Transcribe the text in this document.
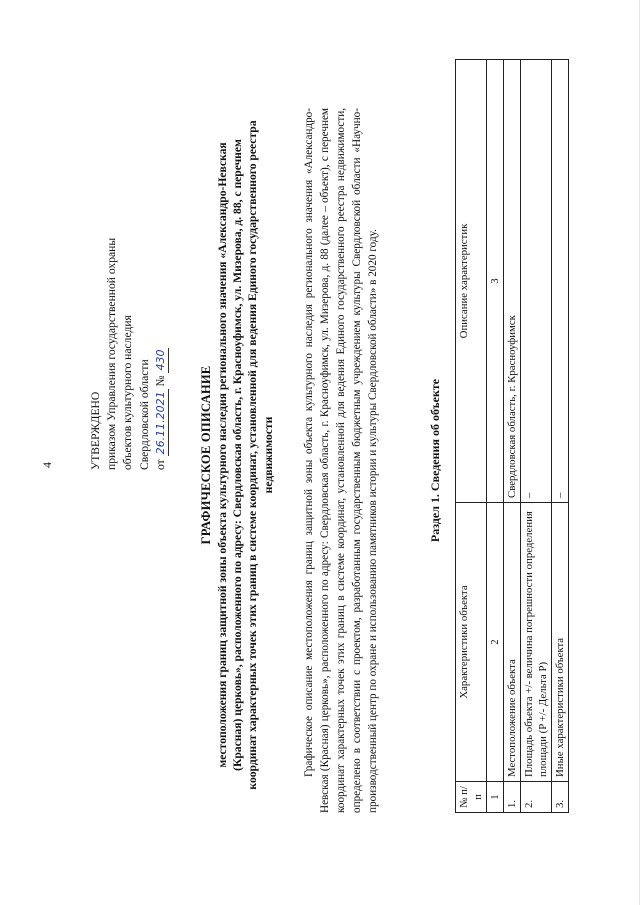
4	УТВЕРЖДЕНО приказом Управления государственной охраны объектов культурного наследия Свердловской области от 26.11.2021 № 430
ГРАФИЧЕСКОЕ ОПИСАНИЕ местоположения границ защитной зоны объекта культурного наследия регионального значения «Александро-Невская (Красная) церковь», расположенного по адресу: Свердловская область, г. Красноуфимск, ул. Мизерова, д. 88, с перечнем координат характерных точек этих границ в системе координат, установленной для ведения Единого государственного реестра недвижимости	Графическое описание местоположения границ защитной зоны объекта культурного наследия регионального значения «Александро-Невская (Красная) церковь», расположенного по адресу: Свердловская область, г. Красноуфимск, ул. Мизерова, д. 88 (далее – объект), с перечнем координат характерных точек этих границ в системе координат, установленной для ведения Единого государственного реестра недвижимости, определено в соответствии с проектом, разработанным государственным бюджетным учреждением культуры Свердловской области «Научно-производственный центр по охране и использованию памятников истории и культуры Свердловской области» в 2020 году.	Раздел 1. Сведения об объекте
№ п/п	Характеристики объекта	Описание характеристик
1	2	3
1.	Местоположение объекта	Свердловская область, г. Красноуфимск
2.	Площадь объекта +/- величина погрешности определения площади (P +/- Дельта P)	–
3.	Иные характеристики объекта	–
